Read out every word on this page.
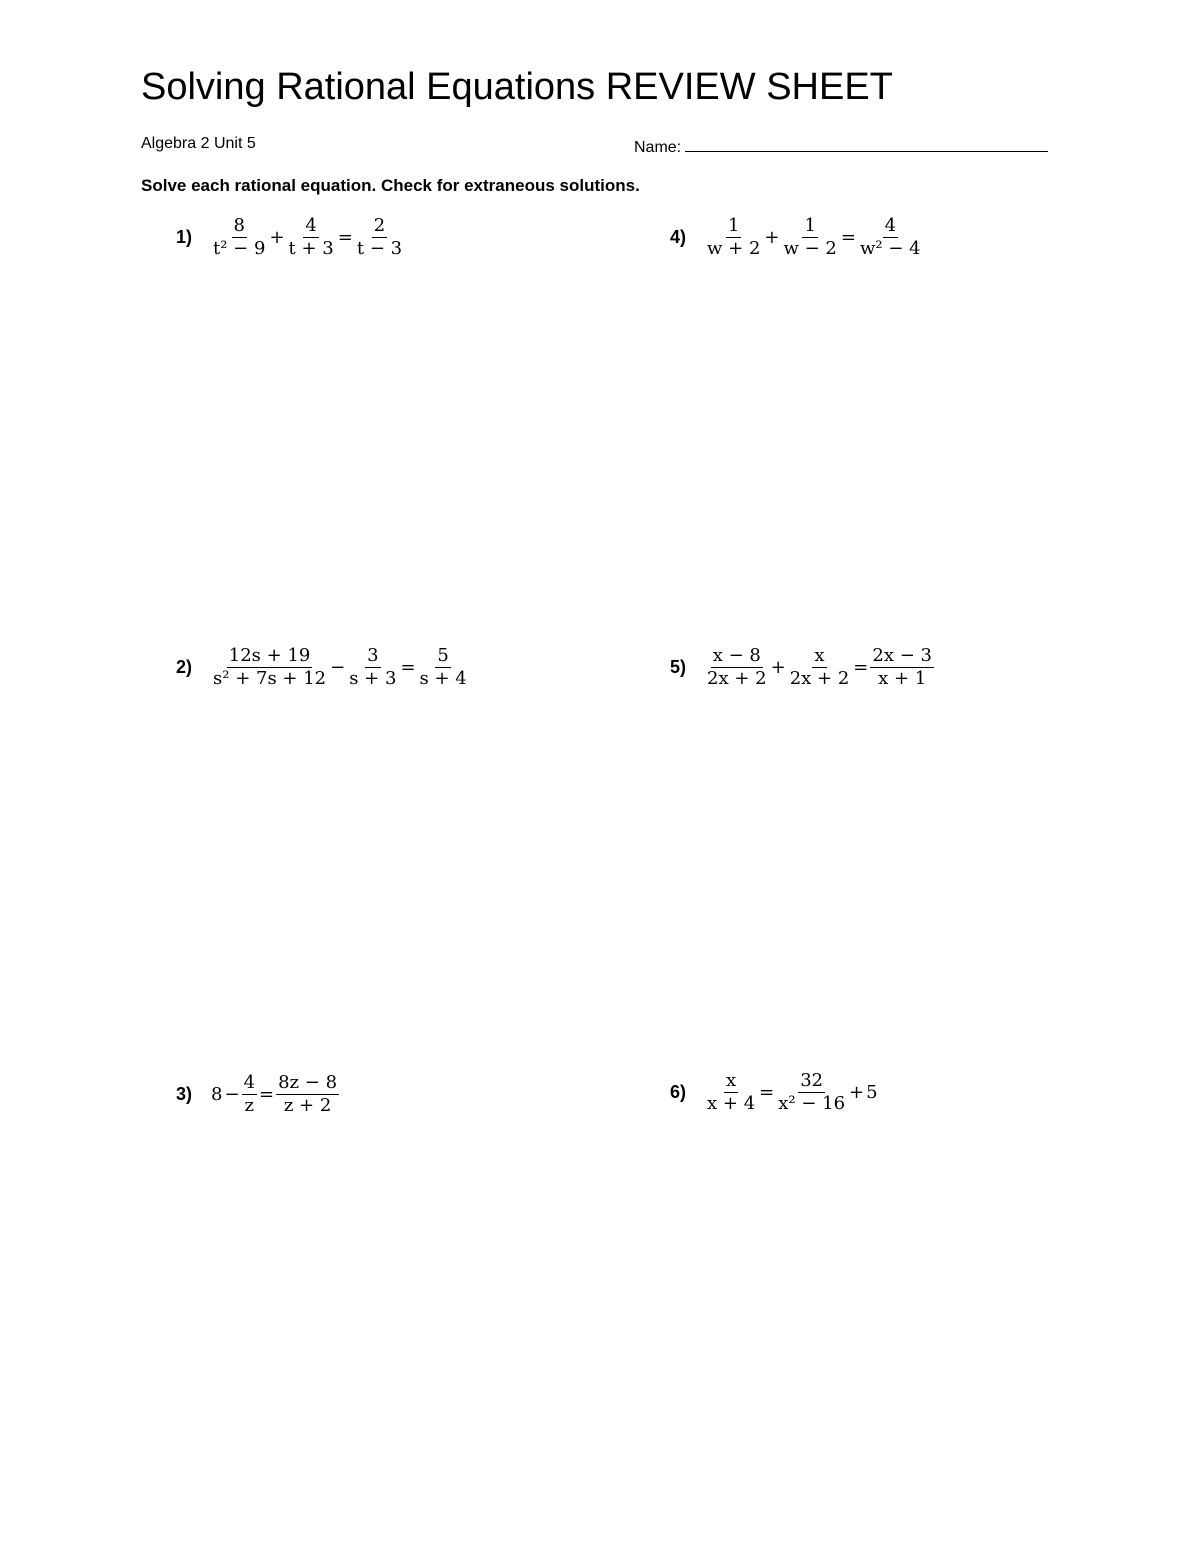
Solving Rational Equations REVIEW SHEET
Algebra 2 Unit 5	Name:
Solve each rational equation. Check for extraneous solutions.
$1) \frac{8}{\text{t² − 9}} + \frac{4}{t + 3} = \frac{2}{t - 3}$
$2) \frac{12s + 19}{\text{s² + 7s + 12}} - \frac{3}{s + 3} = \frac{5}{s + 4}$
3) $8 - \frac{4}{z} = \frac{8z - 8}{z + 2}$
$4) \frac{1}{w + 2} + \frac{1}{w - 2} = \frac{4}{\text{w² − 4}}$
$5) \frac{x - 8}{2x + 2} + \frac{x}{2x + 2} = \frac{2x - 3}{x + 1}$
$6) \frac{x}{x + 4} = \frac{32}{\text{x² − 16}} + 5$
